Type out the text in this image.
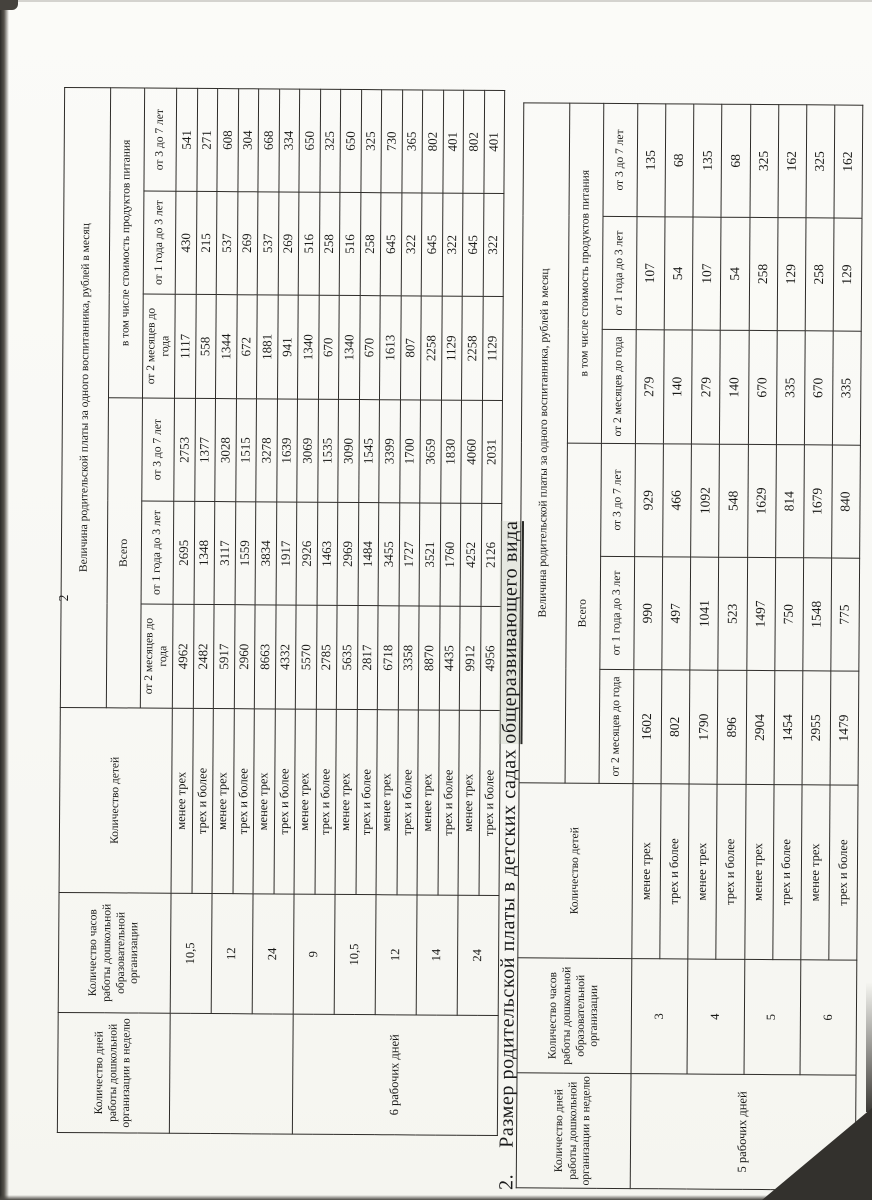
2
Количество дней работы дошкольной организации в неделю	Количество часов работы дошкольной образовательной организации	Количество детей	Величина родительской платы за одного воспитанника, рублей в месяц					
			Всего			в том числе стоимость продуктов питания		
			от 2 месяцев до года	от 1 года до 3 лет	от 3 до 7 лет	от 2 месяцев до года	от 1 года до 3 лет	от 3 до 7 лет
	10,5	менее трех	4962	2695	2753	1117	430	541
		трех и более	2482	1348	1377	558	215	271
	12	менее трех	5917	3117	3028	1344	537	608
		трех и более	2960	1559	1515	672	269	304
	24	менее трех	8663	3834	3278	1881	537	668
		трех и более	4332	1917	1639	941	269	334
6 рабочих дней	9	менее трех	5570	2926	3069	1340	516	650
		трех и более	2785	1463	1535	670	258	325
	10,5	менее трех	5635	2969	3090	1340	516	650
		трех и более	2817	1484	1545	670	258	325
	12	менее трех	6718	3455	3399	1613	645	730
		трех и более	3358	1727	1700	807	322	365
	14	менее трех	8870	3521	3659	2258	645	802
		трех и более	4435	1760	1830	1129	322	401
	24	менее трех	9912	4252	4060	2258	645	802
		трех и более	4956	2126	2031	1129	322	401
2.Размер родительской платы в детских садахобщеразвивающего вида
Количество дней работы дошкольной организации в неделю	Количество часов работы дошкольной образовательной организации	Количество детей	Величина родительской платы за одного воспитанника, рублей в месяц					
			Всего			в том числе стоимость продуктов питания		
			от 2 месяцев до года	от 1 года до 3 лет	от 3 до 7 лет	от 2 месяцев до года	от 1 года до 3 лет	от 3 до 7 лет
5 рабочих дней	3	менее трех	1602	990	929	279	107	135
		трех и более	802	497	466	140	54	68
	4	менее трех	1790	1041	1092	279	107	135
		трех и более	896	523	548	140	54	68
	5	менее трех	2904	1497	1629	670	258	325
		трех и более	1454	750	814	335	129	162
	6	менее трех	2955	1548	1679	670	258	325
		трех и более	1479	775	840	335	129	162
